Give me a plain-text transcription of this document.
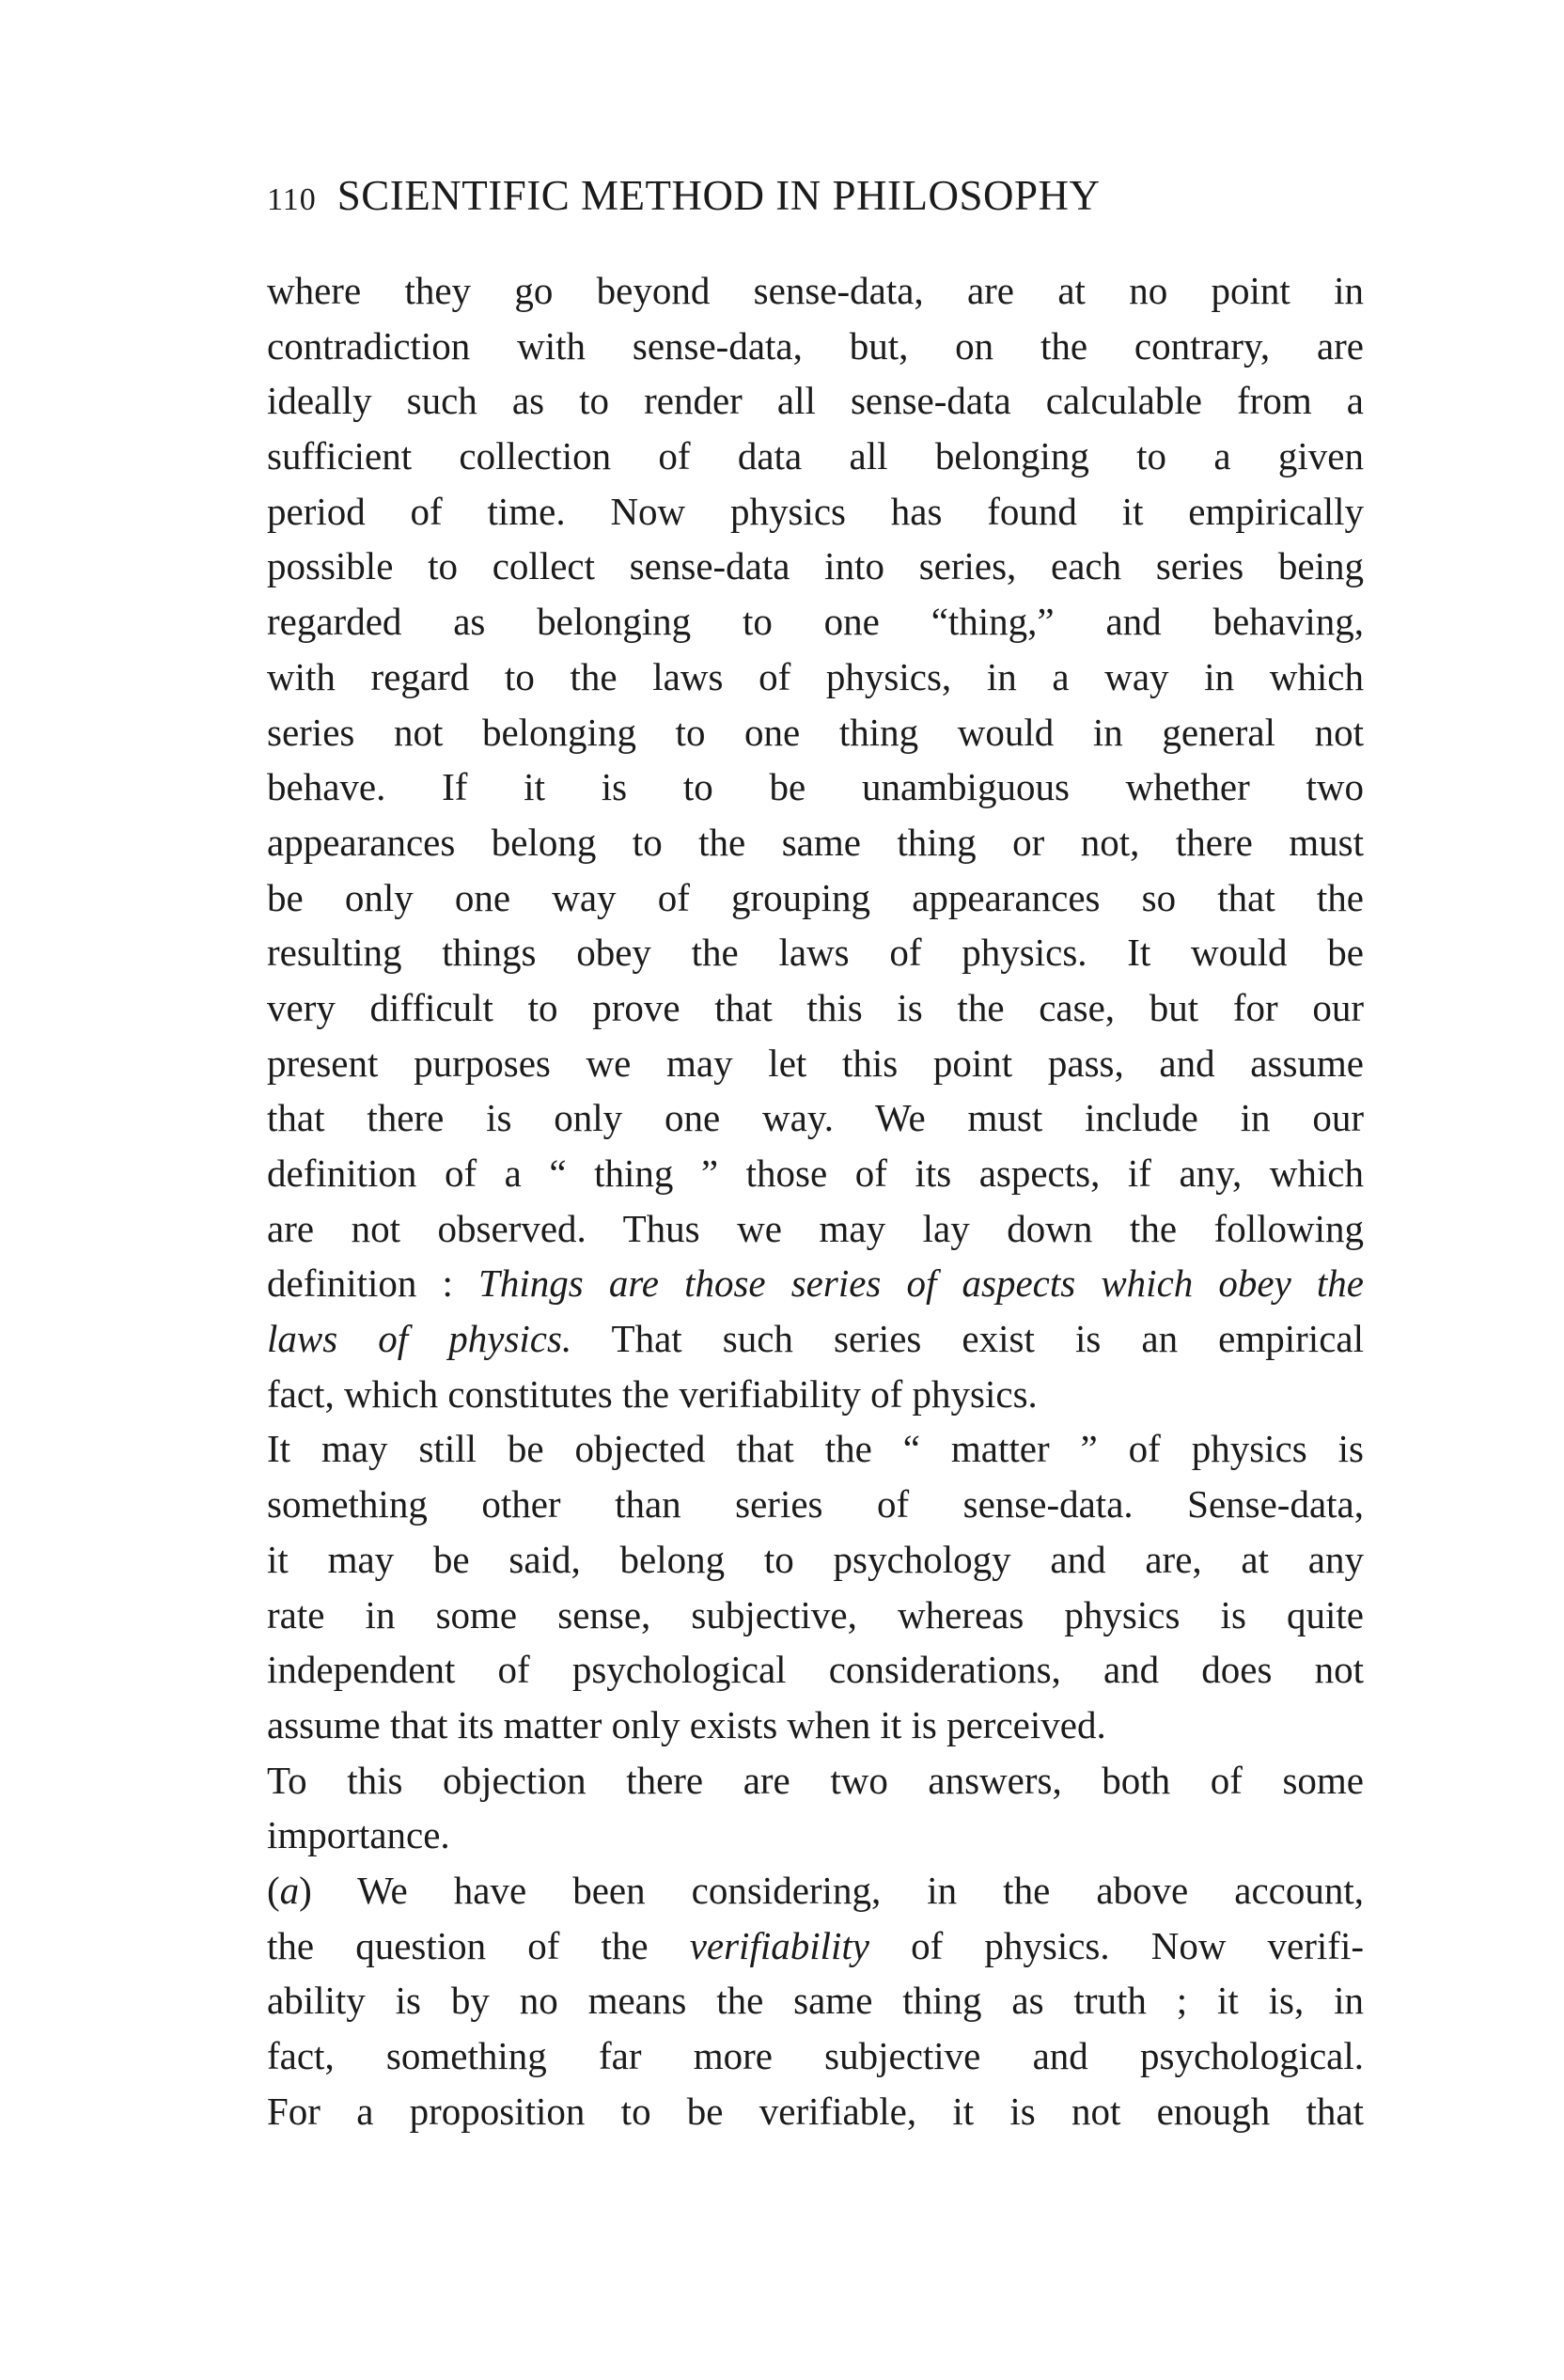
110 SCIENTIFIC METHOD IN PHILOSOPHY
where they go beyond sense-data, are at no point in
contradiction with sense-data, but, on the contrary, are
ideally such as to render all sense-data calculable from a
sufficient collection of data all belonging to a given
period of time. Now physics has found it empirically
possible to collect sense-data into series, each series being
regarded as belonging to one “thing,” and behaving,
with regard to the laws of physics, in a way in which
series not belonging to one thing would in general not
behave. If it is to be unambiguous whether two
appearances belong to the same thing or not, there must
be only one way of grouping appearances so that the
resulting things obey the laws of physics. It would be
very difficult to prove that this is the case, but for our
present purposes we may let this point pass, and assume
that there is only one way. We must include in our
definition of a “ thing ” those of its aspects, if any, which
are not observed. Thus we may lay down the following
definition : Things are those series of aspects which obey the
laws of physics. That such series exist is an empirical
fact, which constitutes the verifiability of physics.
It may still be objected that the “ matter ” of physics is
something other than series of sense-data. Sense-data,
it may be said, belong to psychology and are, at any
rate in some sense, subjective, whereas physics is quite
independent of psychological considerations, and does not
assume that its matter only exists when it is perceived.
To this objection there are two answers, both of some
importance.
(a) We have been considering, in the above account,
the question of the verifiability of physics. Now verifi-
ability is by no means the same thing as truth ; it is, in
fact, something far more subjective and psychological.
For a proposition to be verifiable, it is not enough that
